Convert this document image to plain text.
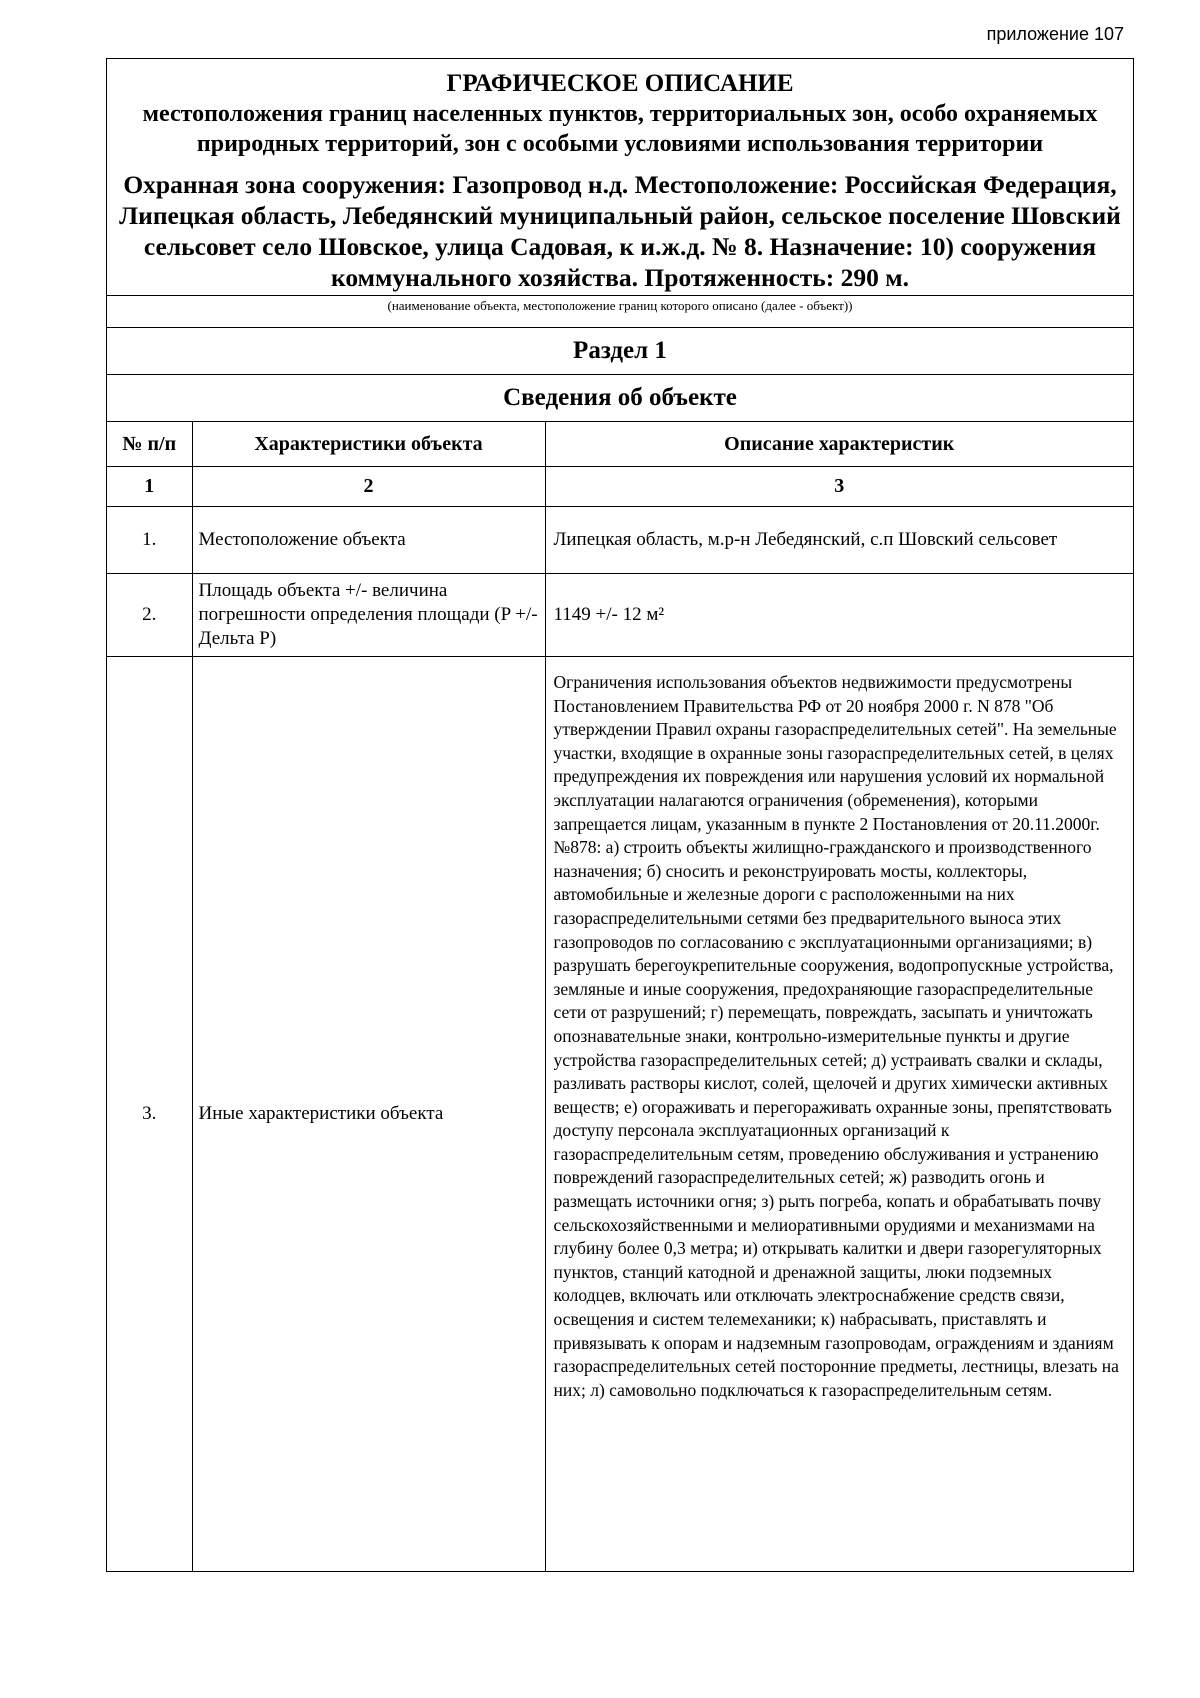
приложение 107
ГРАФИЧЕСКОЕ ОПИСАНИЕ
местоположения границ населенных пунктов, территориальных зон, особо охраняемых природных территорий, зон с особыми условиями использования территории
Охранная зона сооружения: Газопровод н.д. Местоположение: Российская Федерация, Липецкая область, Лебедянский муниципальный район, сельское поселение Шовский сельсовет село Шовское, улица Садовая, к и.ж.д. № 8. Назначение: 10) сооружения коммунального хозяйства. Протяженность: 290 м.
(наименование объекта, местоположение границ которого описано (далее - объект))
Раздел 1
Сведения об объекте
№ п/п	Характеристики объекта	Описание характеристик
1	2	3
1.	Местоположение объекта	Липецкая область, м.р-н Лебедянский, с.п Шовский сельсовет
2.	Площадь объекта +/- величина погрешности определения площади (P +/- Дельта P)	1149 +/- 12 м²
3.	Иные характеристики объекта	Ограничения использования объектов недвижимости предусмотрены Постановлением Правительства РФ от 20 ноября 2000 г. N 878 "Об утверждении Правил охраны газораспределительных сетей". На земельные участки, входящие в охранные зоны газораспределительных сетей, в целях предупреждения их повреждения или нарушения условий их нормальной эксплуатации налагаются ограничения (обременения), которыми запрещается лицам, указанным в пункте 2 Постановления от 20.11.2000г. №878: а) строить объекты жилищно-гражданского и производственного назначения; б) сносить и реконструировать мосты, коллекторы, автомобильные и железные дороги с расположенными на них газораспределительными сетями без предварительного выноса этих газопроводов по согласованию с эксплуатационными организациями; в) разрушать берегоукрепительные сооружения, водопропускные устройства, земляные и иные сооружения, предохраняющие газораспределительные сети от разрушений; г) перемещать, повреждать, засыпать и уничтожать опознавательные знаки, контрольно-измерительные пункты и другие устройства газораспределительных сетей; д) устраивать свалки и склады, разливать растворы кислот, солей, щелочей и других химически активных веществ; е) огораживать и перегораживать охранные зоны, препятствовать доступу персонала эксплуатационных организаций к газораспределительным сетям, проведению обслуживания и устранению повреждений газораспределительных сетей; ж) разводить огонь и размещать источники огня; з) рыть погреба, копать и обрабатывать почву сельскохозяйственными и мелиоративными орудиями и механизмами на глубину более 0,3 метра; и) открывать калитки и двери газорегуляторных пунктов, станций катодной и дренажной защиты, люки подземных колодцев, включать или отключать электроснабжение средств связи, освещения и систем телемеханики; к) набрасывать, приставлять и привязывать к опорам и надземным газопроводам, ограждениям и зданиям газораспределительных сетей посторонние предметы, лестницы, влезать на них; л) самовольно подключаться к газораспределительным сетям.
